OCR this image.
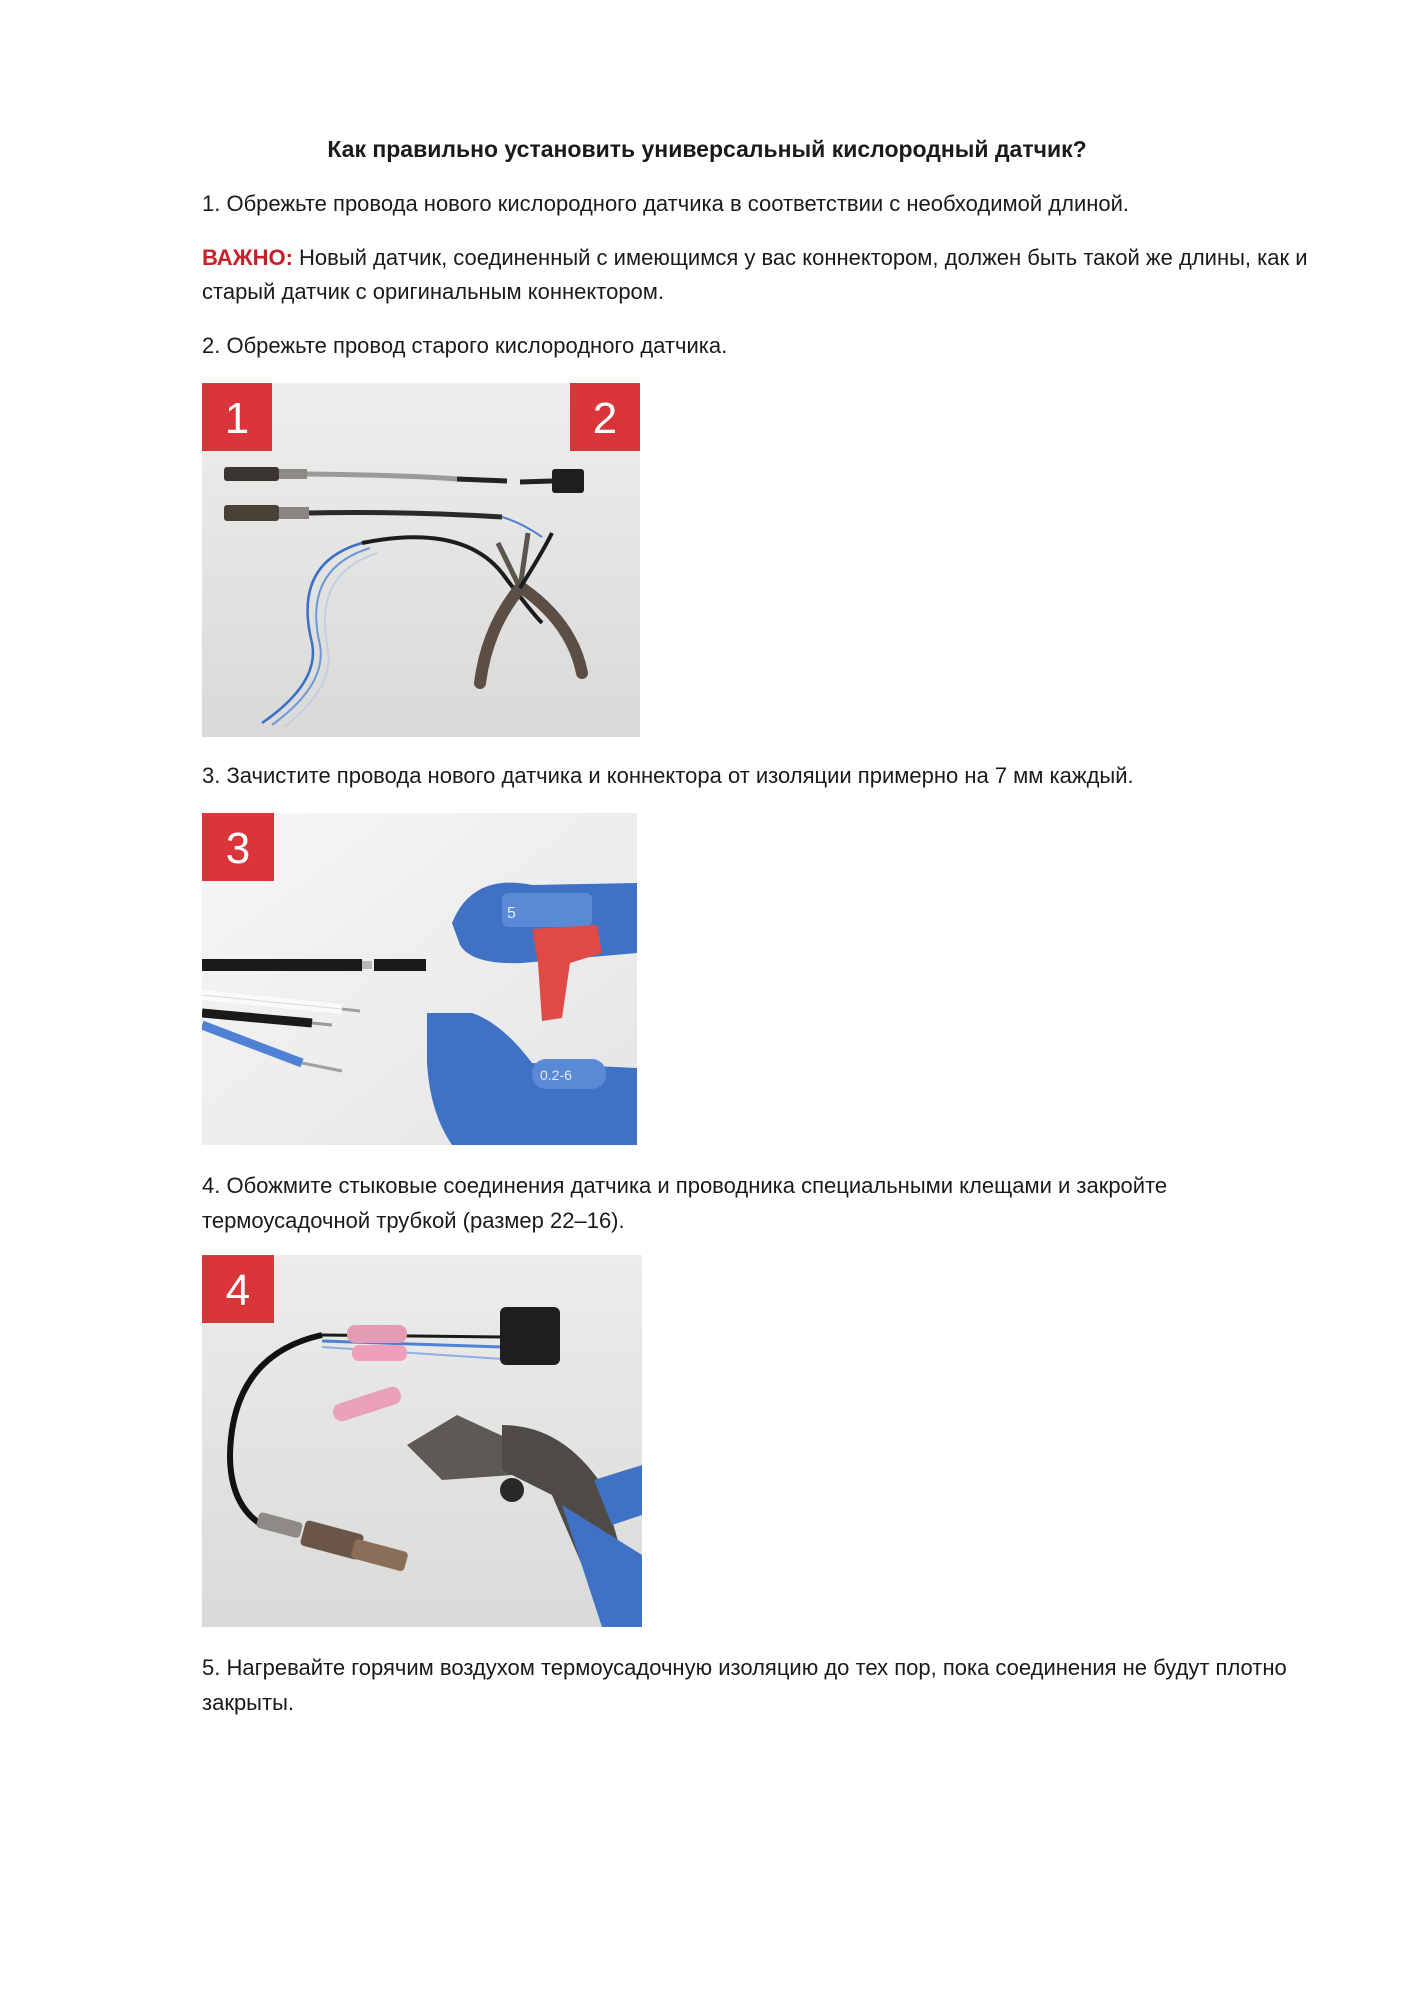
Как правильно установить универсальный кислородный датчик?
1. Обрежьте провода нового кислородного датчика в соответствии с необходимой длиной.
ВАЖНО: Новый датчик, соединенный с имеющимся у вас коннектором, должен быть такой же длины, как и старый датчик с оригинальным коннектором.
2. Обрежьте провод старого кислородного датчика.
1	2
3. Зачистите провода нового датчика и коннектора от изоляции примерно на 7 мм каждый.
5
0.2-6
3
4. Обожмите стыковые соединения датчика и проводника специальными клещами и закройте термоусадочной трубкой (размер 22–16).
4
5. Нагревайте горячим воздухом термоусадочную изоляцию до тех пор, пока соединения не будут плотно закрыты.
